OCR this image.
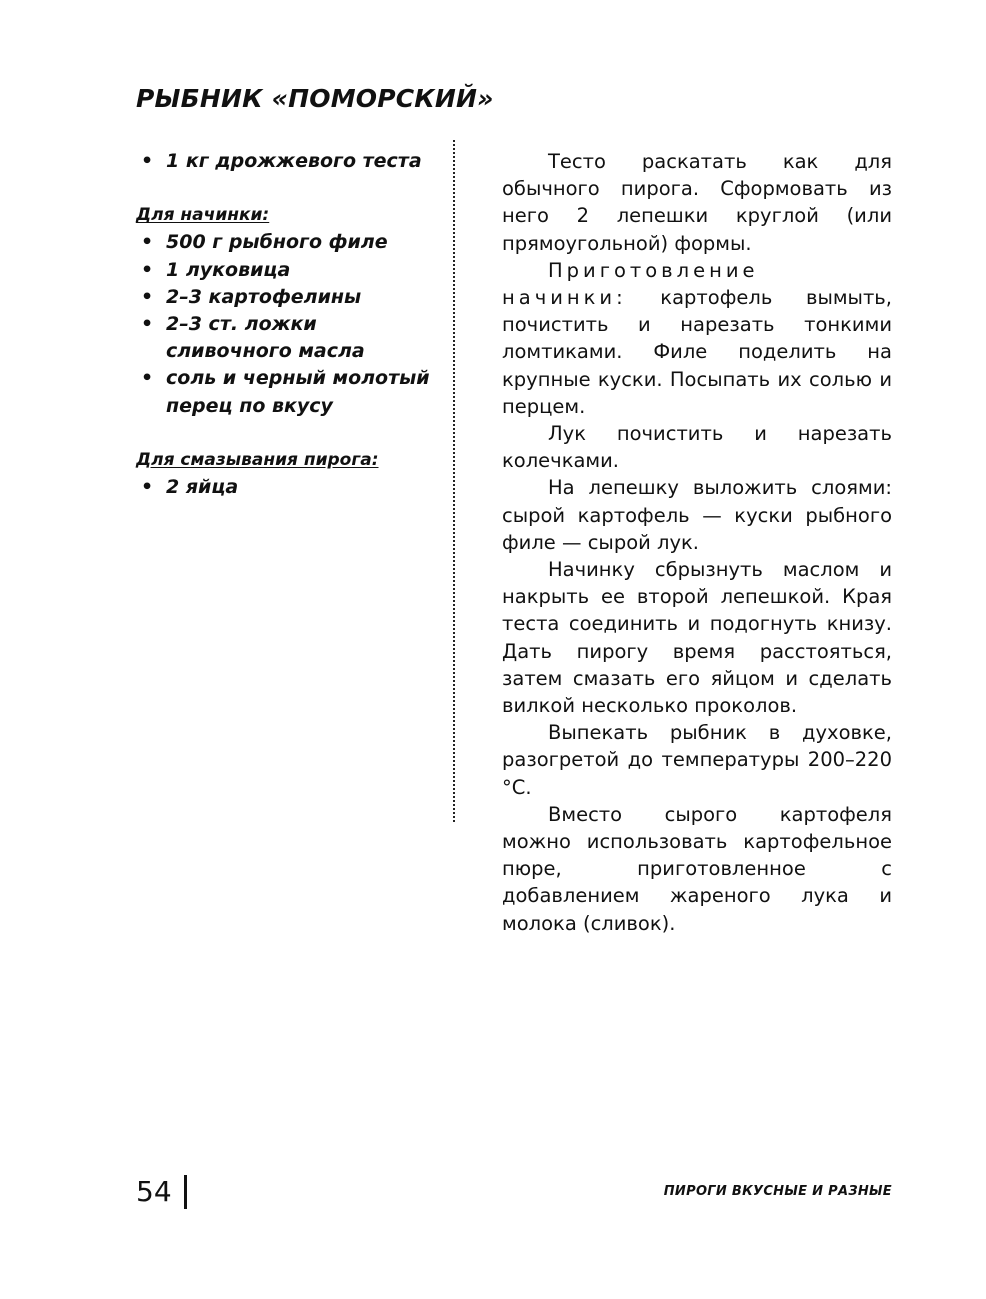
РЫБНИК «ПОМОРСКИЙ»
• 1 кг дрожжевого теста
Для начинки:
• 500 г рыбного филе
• 1 луковица
• 2–3 картофелины
• 2–3 ст. ложки сливочного масла
• соль и черный молотый перец по вкусу
Для смазывания пирога:
• 2 яйца

Тесто раскатать как для обычного пирога. Сформовать из него 2 лепешки круглой (или прямоугольной) формы.

Приготовление начинки: картофель вымыть, почистить и нарезать тонкими ломтиками. Филе поделить на крупные куски. Посыпать их солью и перцем.

Лук почистить и нарезать колечками.

На лепешку выложить слоями: сырой картофель — куски рыбного филе — сырой лук.

Начинку сбрызнуть маслом и накрыть ее второй лепешкой. Края теста соединить и подогнуть книзу. Дать пирогу время расстояться, затем смазать его яйцом и сделать вилкой несколько проколов.

Выпекать рыбник в духовке, разогретой до температуры 200–220 °С.

Вместо сырого картофеля можно использовать картофельное пюре, приготовленное с добавлением жареного лука и молока (сливок).

54	ПИРОГИ ВКУСНЫЕ И РАЗНЫЕ
